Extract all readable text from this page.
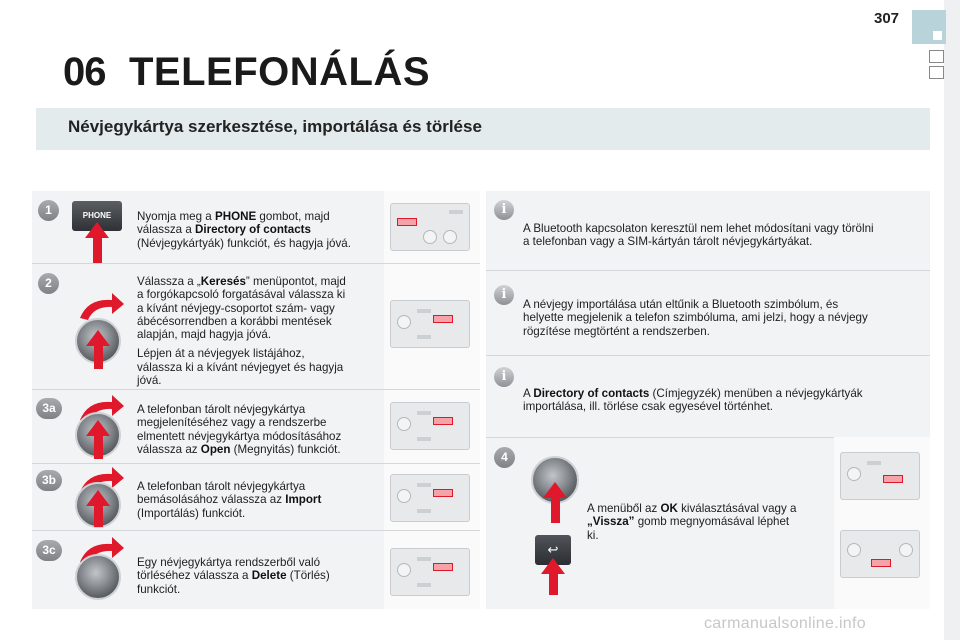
307
06 TELEFONÁLÁS
Névjegykártya szerkesztése, importálása és törlése
1
2
3a
3b
3c
4
PHONE
↩
i
i
i
Nyomja meg a PHONE gombot, majd
válassza a Directory of contacts
(Névjegykártyák) funkciót, és hagyja jóvá.
Válassza a „Keresés” menüpontot, majd
a forgókapcsoló forgatásával válassza ki
a kívánt névjegy-csoportot szám- vagy
ábécésorrendben a korábbi mentések
alapján, majd hagyja jóvá.
Lépjen át a névjegyek listájához,
válassza ki a kívánt névjegyet és hagyja
jóvá.
A telefonban tárolt névjegykártya
megjelenítéséhez vagy a rendszerbe
elmentett névjegykártya módosításához
válassza az Open (Megnyitás) funkciót.
A telefonban tárolt névjegykártya
bemásolásához válassza az Import
(Importálás) funkciót.
Egy névjegykártya rendszerből való
törléséhez válassza a Delete (Törlés)
funkciót.
A Bluetooth kapcsolaton keresztül nem lehet módosítani vagy törölni
a telefonban vagy a SIM-kártyán tárolt névjegykártyákat.
A névjegy importálása után eltűnik a Bluetooth szimbólum, és
helyette megjelenik a telefon szimbóluma, ami jelzi, hogy a névjegy
rögzítése megtörtént a rendszerben.
A Directory of contacts (Címjegyzék) menüben a névjegykártyák
importálása, ill. törlése csak egyesével történhet.
A menüből az OK kiválasztásával vagy a
„Vissza” gomb megnyomásával léphet
ki.
carmanualsonline.info
